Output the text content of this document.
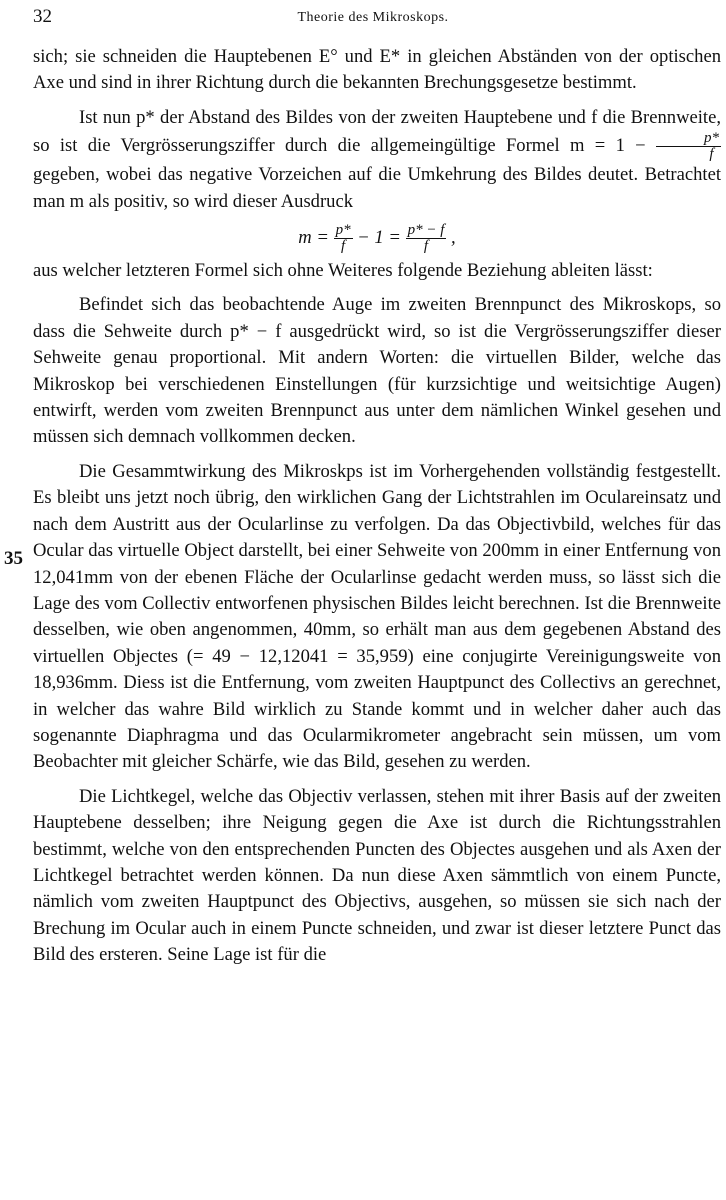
32	Theorie des Mikroskops.
35

sich; sie schneiden die Hauptebenen E° und E* in gleichen Abständen von der optischen Axe und sind in ihrer Richtung durch die bekannten Brechungsgesetze bestimmt.

Ist nun p* der Abstand des Bildes von der zweiten Hauptebene und f die Brennweite, so ist die Vergrösserungsziffer durch die allgemeingültige Formel $m = 1 - \frac{p*}{f}$
gegeben, wobei das negative Vorzeichen auf die Umkehrung des Bildes deutet. Betrachtet man m als positiv, so wird dieser Ausdruck

$m = \frac{p*}{f} - 1 = \frac{p* - f}{f}$ ,

aus welcher letzteren Formel sich ohne Weiteres folgende Beziehung ableiten lässt:

Befindet sich das beobachtende Auge im zweiten Brennpunct des Mikroskops, so dass die Sehweite durch p* − f ausgedrückt wird, so ist die Vergrösserungsziffer dieser Sehweite genau proportional. Mit andern Worten: die virtuellen Bilder, welche das Mikroskop bei verschiedenen Einstellungen (für kurzsichtige und weitsichtige Augen) entwirft, werden vom zweiten Brennpunct aus unter dem nämlichen Winkel gesehen und müssen sich demnach vollkommen decken.

Die Gesammtwirkung des Mikroskps ist im Vorhergehenden vollständig festgestellt. Es bleibt uns jetzt noch übrig, den wirklichen Gang der Lichtstrahlen im Oculareinsatz und nach dem Austritt aus der Ocularlinse zu verfolgen. Da das Objectivbild, welches für das Ocular das virtuelle Object darstellt, bei einer Sehweite von 200mm in einer Entfernung von 12,041mm von der ebenen Fläche der Ocularlinse gedacht werden muss, so lässt sich die Lage des vom Collectiv entworfenen physischen Bildes leicht berechnen. Ist die Brennweite desselben, wie oben angenommen, 40mm, so erhält man aus dem gegebenen Abstand des virtuellen Objectes (= 49 − 12,12041 = 35,959) eine conjugirte Vereinigungsweite von 18,936mm. Diess ist die Entfernung, vom zweiten Hauptpunct des Collectivs an gerechnet, in welcher das wahre Bild wirklich zu Stande kommt und in welcher daher auch das sogenannte Diaphragma und das Ocularmikrometer angebracht sein müssen, um vom Beobachter mit gleicher Schärfe, wie das Bild, gesehen zu werden.

Die Lichtkegel, welche das Objectiv verlassen, stehen mit ihrer Basis auf der zweiten Hauptebene desselben; ihre Neigung gegen die Axe ist durch die Richtungsstrahlen bestimmt, welche von den entsprechenden Puncten des Objectes ausgehen und als Axen der Lichtkegel betrachtet werden können. Da nun diese Axen sämmtlich von einem Puncte, nämlich vom zweiten Hauptpunct des Objectivs, ausgehen, so müssen sie sich nach der Brechung im Ocular auch in einem Puncte schneiden, und zwar ist dieser letztere Punct das Bild des ersteren. Seine Lage ist für die
